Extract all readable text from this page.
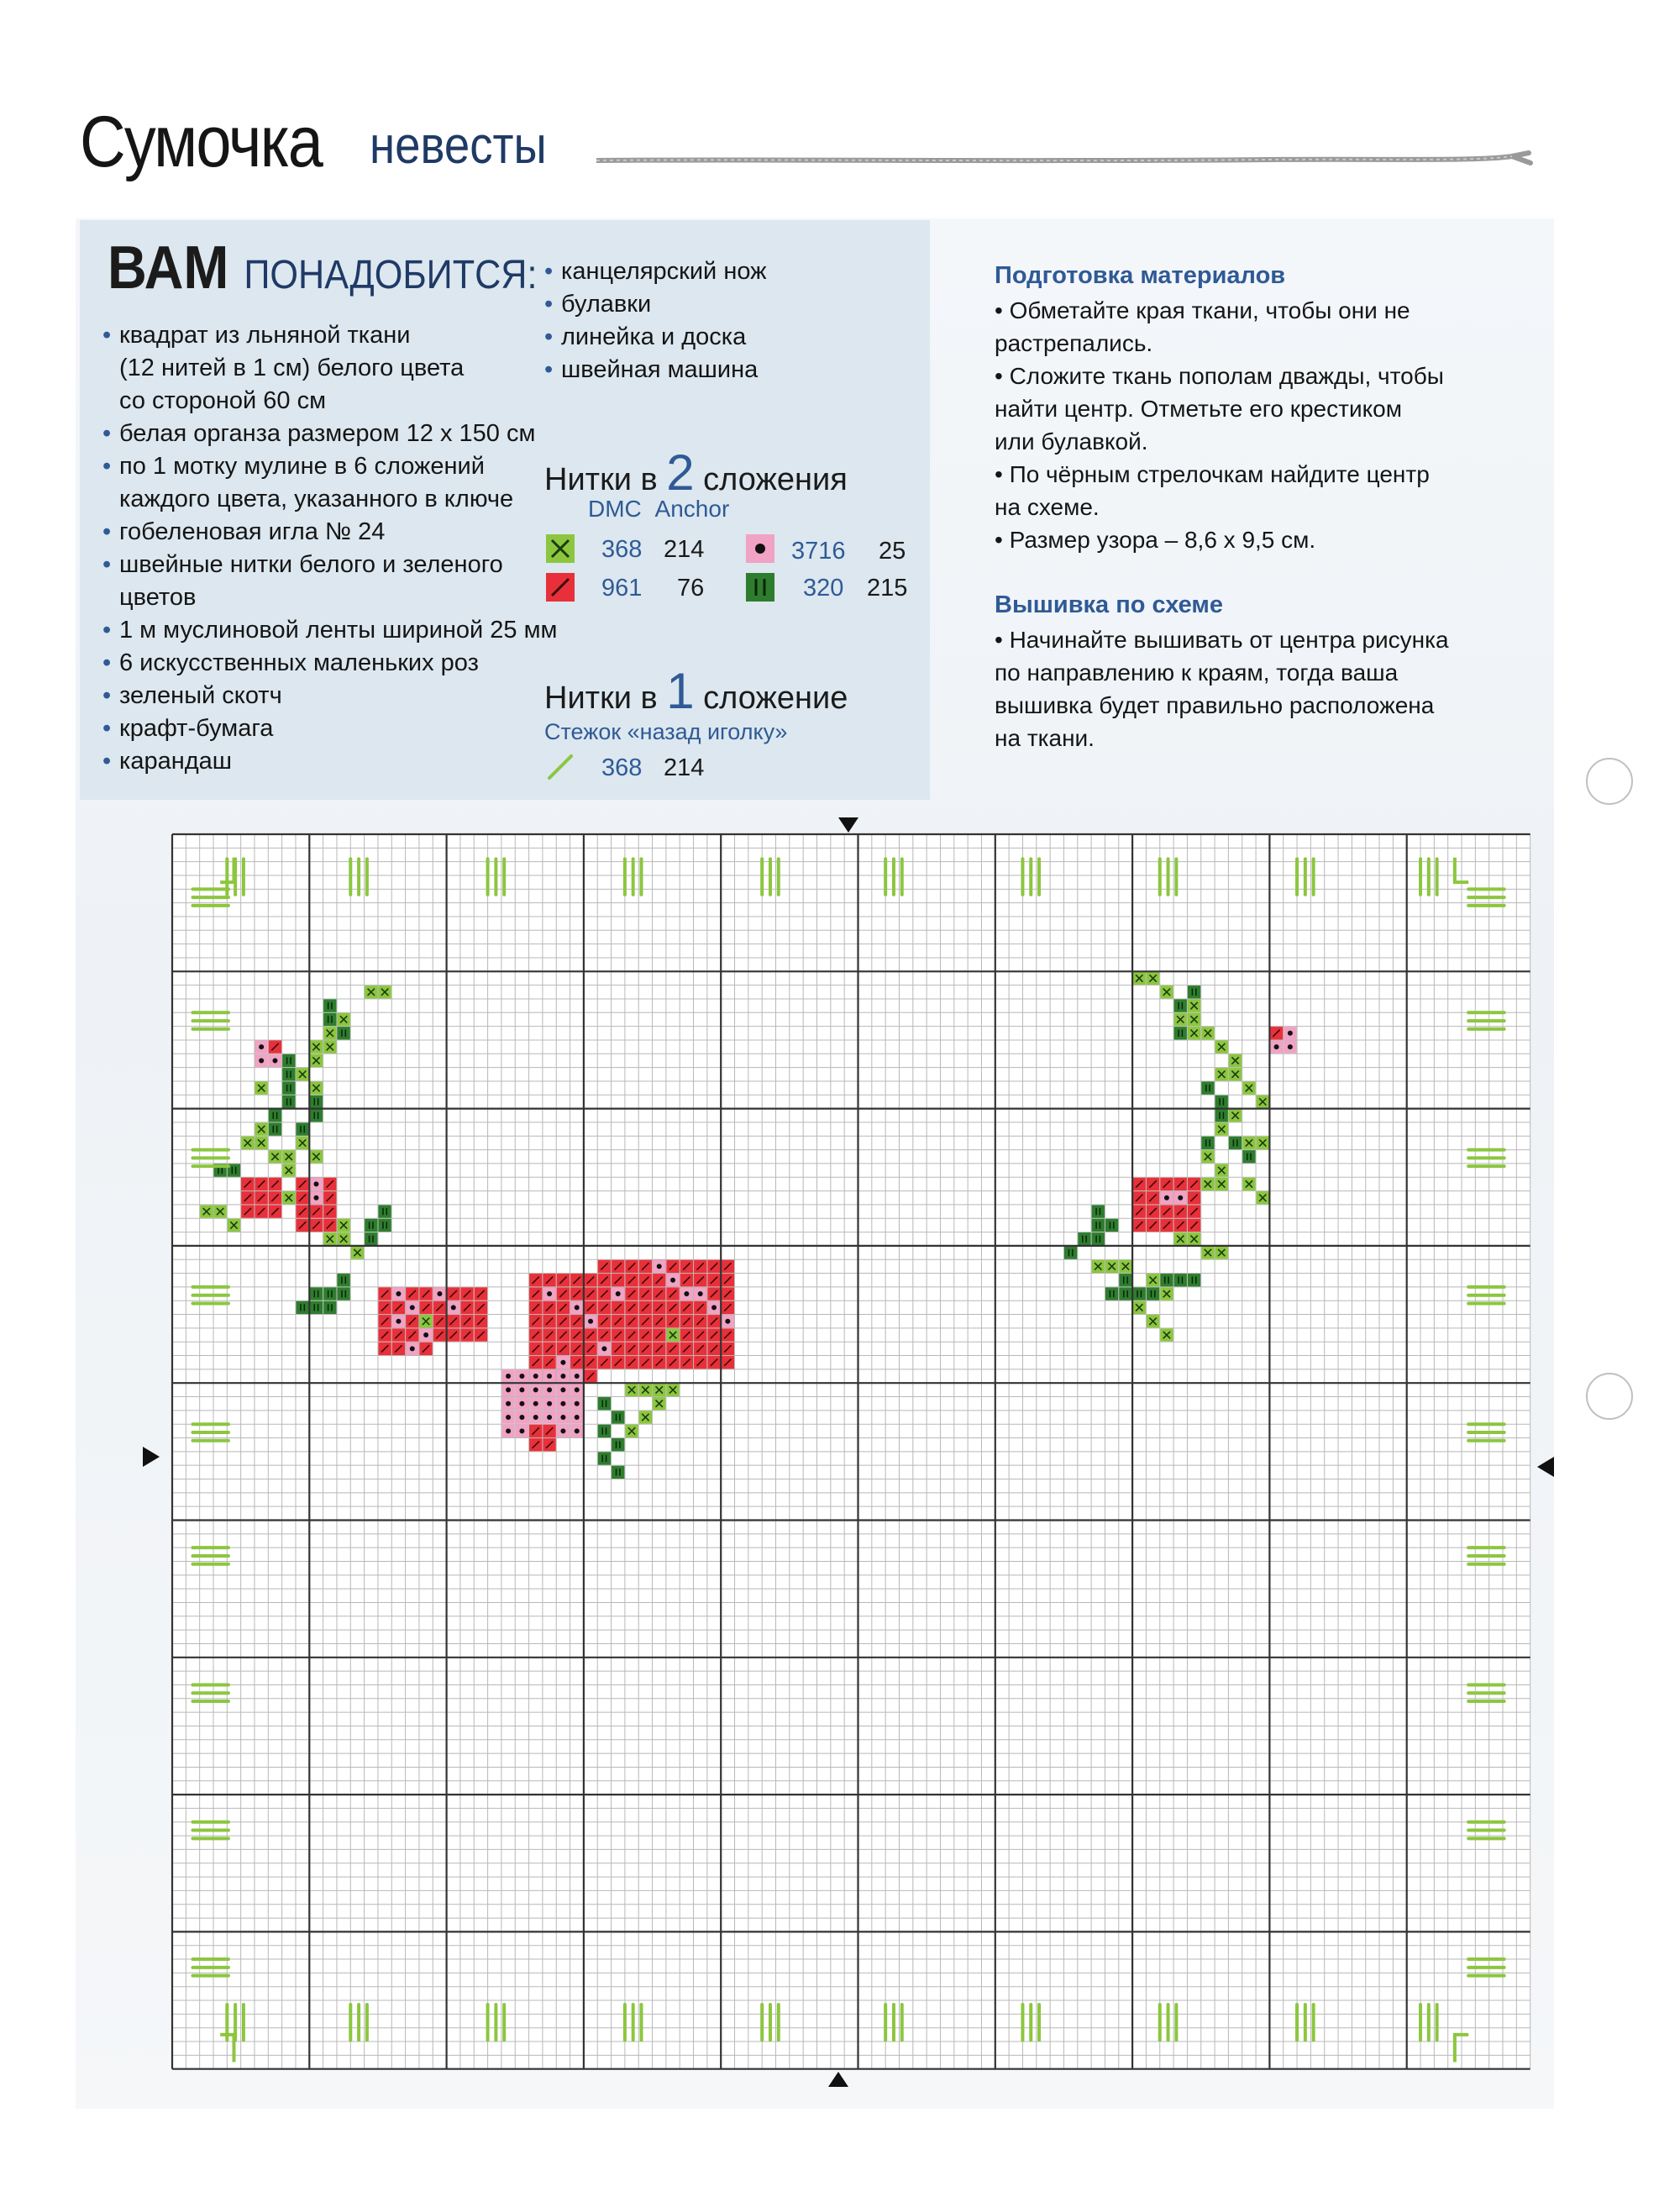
Сумочка невесты
ВАМ ПОНАДОБИТСЯ:
• квадрат из льняной ткани
(12 нитей в 1 см) белого цвета
со стороной 60 см
• белая органза размером 12 х 150 см
• по 1 мотку мулине в 6 сложений
каждого цвета, указанного в ключе
• гобеленовая игла № 24
• швейные нитки белого и зеленого
цветов
• 1 м муслиновой ленты шириной 25 мм
• 6 искусственных маленьких роз
• зеленый скотч
• крафт-бумага
• карандаш
• канцелярский нож
• булавки
• линейка и доска
• швейная машина
Нитки в 2 сложения
DMC Anchor
368 214
961 76
3716 25
320 215
Нитки в 1 сложение
Стежок «назад иголку»
368 214
Подготовка материалов
• Обметайте края ткани, чтобы они не
растрепались.
• Сложите ткань пополам дважды, чтобы
найти центр. Отметьте его крестиком
или булавкой.
• По чёрным стрелочкам найдите центр
на схеме.
• Размер узора – 8,6 х 9,5 см.
Вышивка по схеме
• Начинайте вышивать от центра рисунка
по направлению к краям, тогда ваша
вышивка будет правильно расположена
на ткани.
